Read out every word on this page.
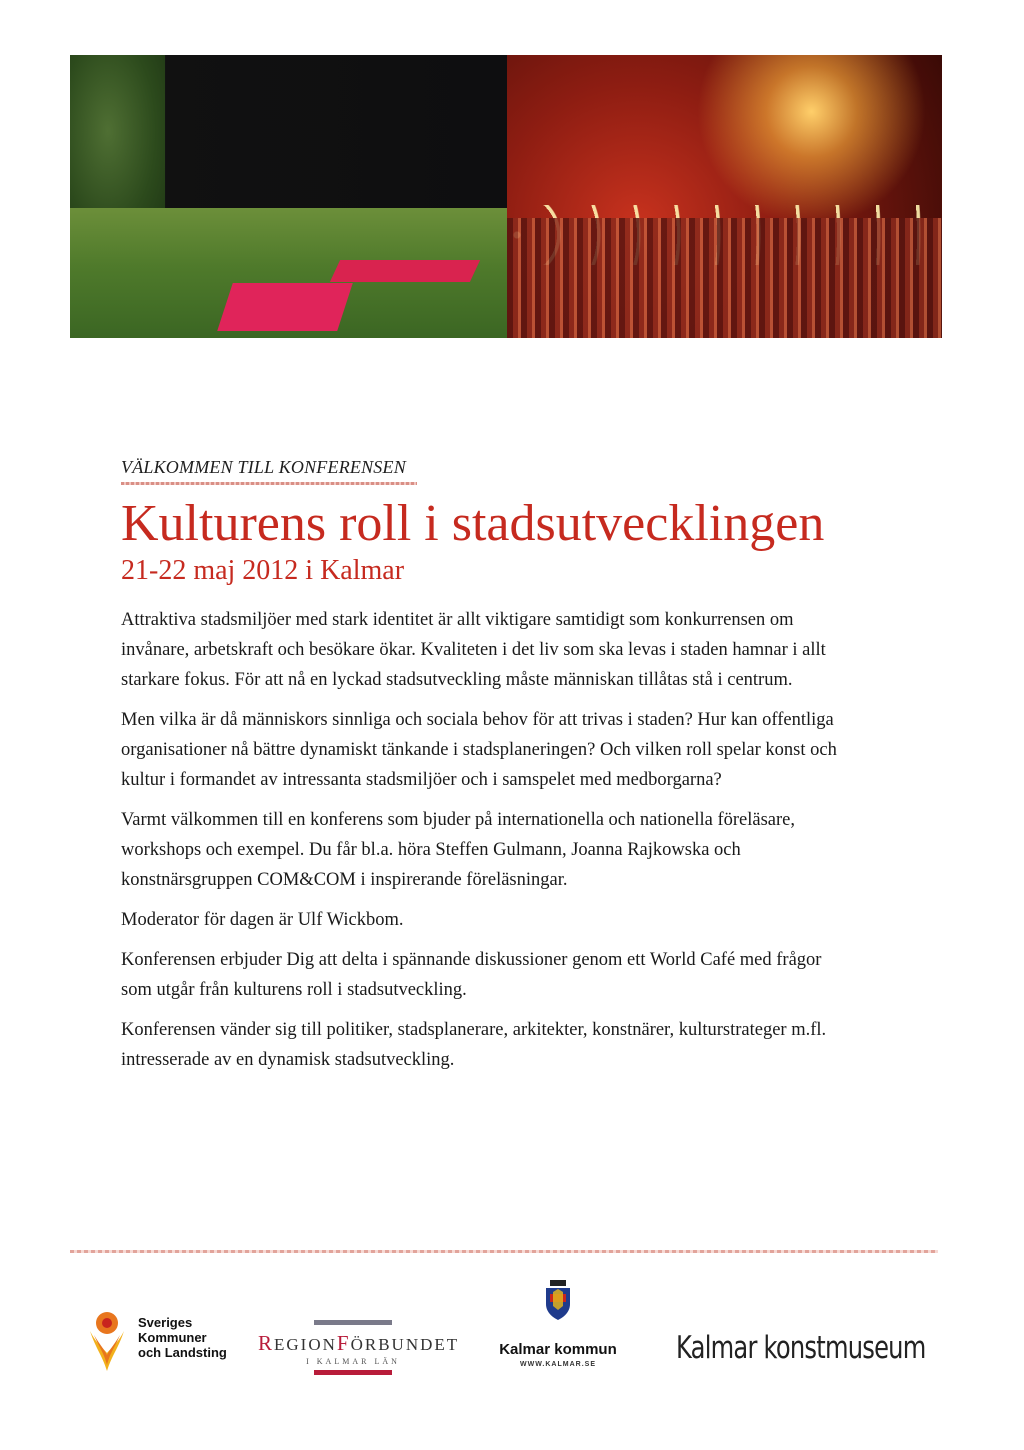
VÄLKOMMEN TILL KONFERENSEN
Kulturens roll i stadsutvecklingen
21-22 maj 2012 i Kalmar

Attraktiva stadsmiljöer med stark identitet är allt viktigare samtidigt som konkurrensen om invånare, arbetskraft och besökare ökar. Kvaliteten i det liv som ska levas i staden hamnar i allt starkare fokus. För att nå en lyckad stadsutveckling måste människan tillåtas stå i centrum.

Men vilka är då människors sinnliga och sociala behov för att trivas i staden? Hur kan offentliga organisationer nå bättre dynamiskt tänkande i stadsplaneringen? Och vilken roll spelar konst och kultur i formandet av intressanta stadsmiljöer och i samspelet med medborgarna?

Varmt välkommen till en konferens som bjuder på internationella och nationella föreläsare, workshops och exempel. Du får bl.a. höra Steffen Gulmann, Joanna Rajkowska och konstnärsgruppen COM&COM i inspirerande föreläsningar.

Moderator för dagen är Ulf Wickbom.

Konferensen erbjuder Dig att delta i spännande diskussioner genom ett World Café med frågor som utgår från kulturens roll i stadsutveckling.

Konferensen vänder sig till politiker, stadsplanerare, arkitekter, konstnärer, kulturstrateger m.fl. intresserade av en dynamisk stadsutveckling.

Sveriges
Kommuner
och Landsting REGIONFÖRBUNDET
I KALMAR LÄN
Kalmar kommun
WWW.KALMAR.SE	Kalmar konstmuseum
